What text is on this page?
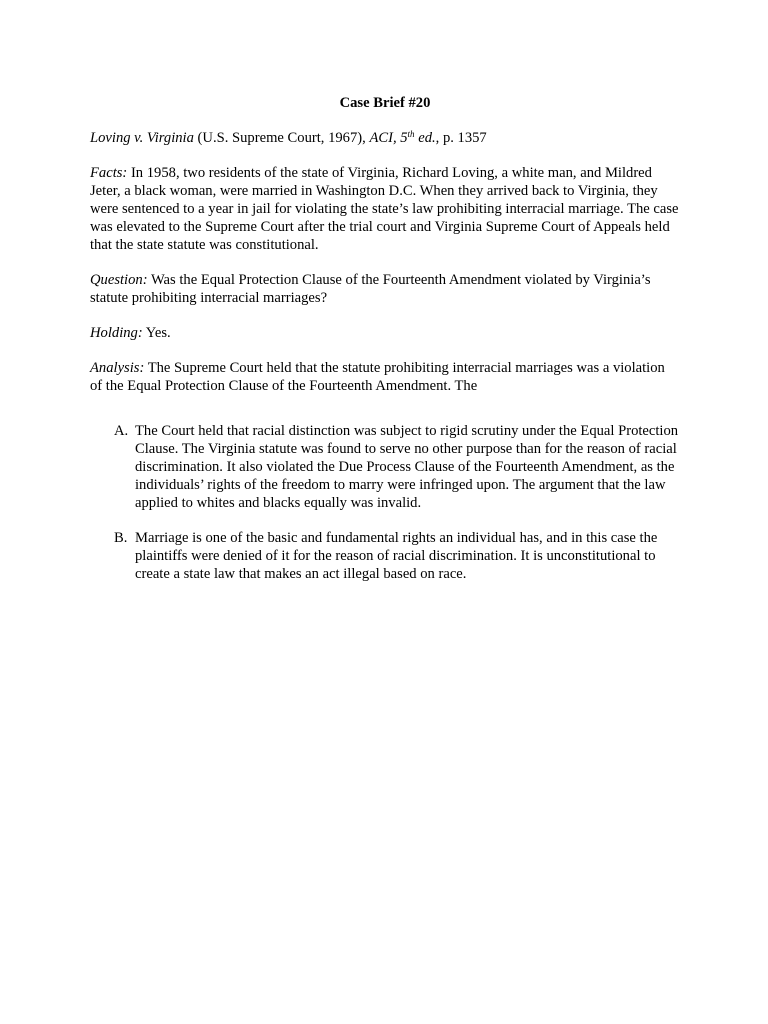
Case Brief #20
Loving v. Virginia (U.S. Supreme Court, 1967), ACI, 5th ed., p. 1357
Facts: In 1958, two residents of the state of Virginia, Richard Loving, a white man, and Mildred Jeter, a black woman, were married in Washington D.C. When they arrived back to Virginia, they were sentenced to a year in jail for violating the state’s law prohibiting interracial marriage. The case was elevated to the Supreme Court after the trial court and Virginia Supreme Court of Appeals held that the state statute was constitutional.
Question: Was the Equal Protection Clause of the Fourteenth Amendment violated by Virginia’s statute prohibiting interracial marriages?
Holding: Yes.
Analysis: The Supreme Court held that the statute prohibiting interracial marriages was a violation of the Equal Protection Clause of the Fourteenth Amendment. The
A. The Court held that racial distinction was subject to rigid scrutiny under the Equal Protection Clause. The Virginia statute was found to serve no other purpose than for the reason of racial discrimination. It also violated the Due Process Clause of the Fourteenth Amendment, as the individuals’ rights of the freedom to marry were infringed upon. The argument that the law applied to whites and blacks equally was invalid.
B. Marriage is one of the basic and fundamental rights an individual has, and in this case the plaintiffs were denied of it for the reason of racial discrimination. It is unconstitutional to create a state law that makes an act illegal based on race.
